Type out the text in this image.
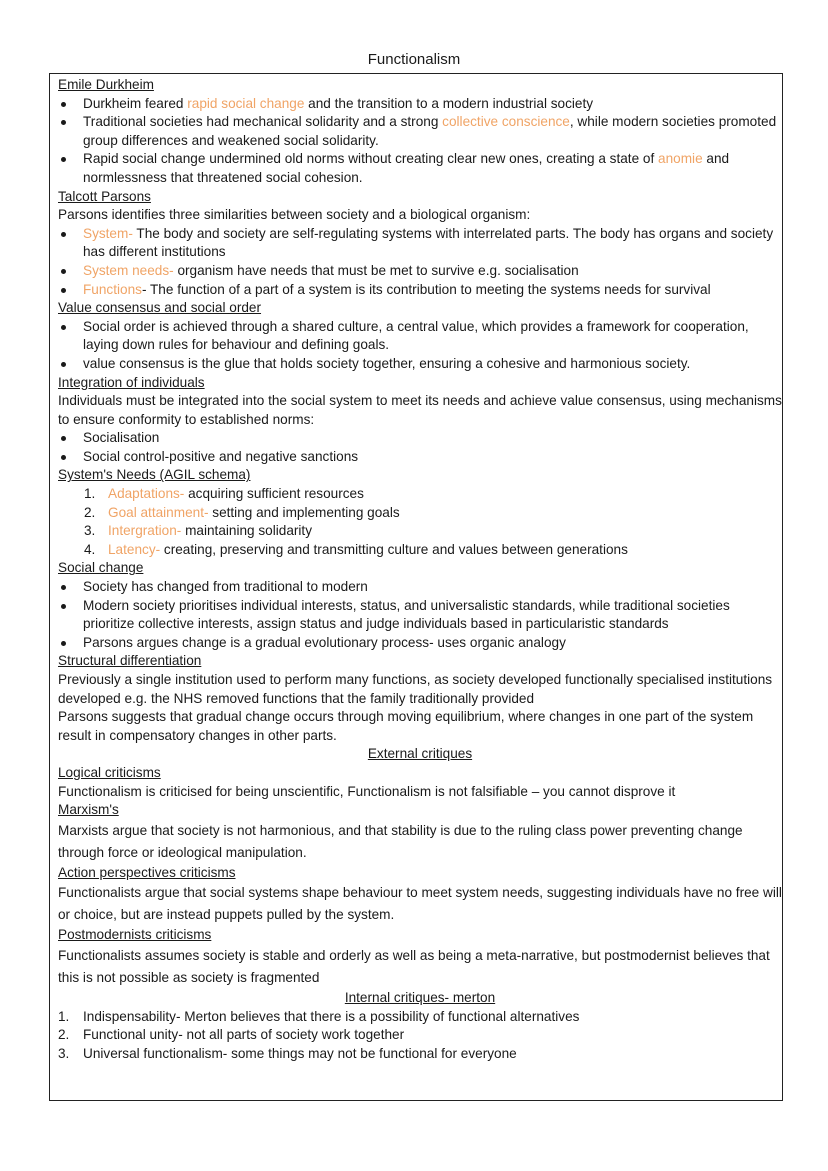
Functionalism
Emile Durkheim
Durkheim feared rapid social change and the transition to a modern industrial society
Traditional societies had mechanical solidarity and a strong collective conscience, while modern societies promoted group differences and weakened social solidarity.
Rapid social change undermined old norms without creating clear new ones, creating a state of anomie and normlessness that threatened social cohesion.
Talcott Parsons

Parsons identifies three similarities between society and a biological organism:

System- The body and society are self-regulating systems with interrelated parts. The body has organs and society has different institutions
System needs- organism have needs that must be met to survive e.g. socialisation
Functions- The function of a part of a system is its contribution to meeting the systems needs for survival
Value consensus and social order
Social order is achieved through a shared culture, a central value, which provides a framework for cooperation, laying down rules for behaviour and defining goals.
value consensus is the glue that holds society together, ensuring a cohesive and harmonious society.
Integration of individuals

Individuals must be integrated into the social system to meet its needs and achieve value consensus, using mechanisms to ensure conformity to established norms:

Socialisation
Social control-positive and negative sanctions
System's Needs (AGIL schema)
1. Adaptations- acquiring sufficient resources
2. Goal attainment- setting and implementing goals
3. Intergration- maintaining solidarity
4. Latency- creating, preserving and transmitting culture and values between generations
Social change
Society has changed from traditional to modern
Modern society prioritises individual interests, status, and universalistic standards, while traditional societies prioritize collective interests, assign status and judge individuals based in particularistic standards
Parsons argues change is a gradual evolutionary process- uses organic analogy
Structural differentiation

Previously a single institution used to perform many functions, as society developed functionally specialised institutions developed e.g. the NHS removed functions that the family traditionally provided

Parsons suggests that gradual change occurs through moving equilibrium, where changes in one part of the system result in compensatory changes in other parts.

External critiques
Logical criticisms

Functionalism is criticised for being unscientific, Functionalism is not falsifiable – you cannot disprove it

Marxism's

Marxists argue that society is not harmonious, and that stability is due to the ruling class power preventing change through force or ideological manipulation.

Action perspectives criticisms

Functionalists argue that social systems shape behaviour to meet system needs, suggesting individuals have no free will or choice, but are instead puppets pulled by the system.

Postmodernists criticisms

Functionalists assumes society is stable and orderly as well as being a meta-narrative, but postmodernist believes that this is not possible as society is fragmented

Internal critiques- merton
1. Indispensability- Merton believes that there is a possibility of functional alternatives
2. Functional unity- not all parts of society work together
3. Universal functionalism- some things may not be functional for everyone
